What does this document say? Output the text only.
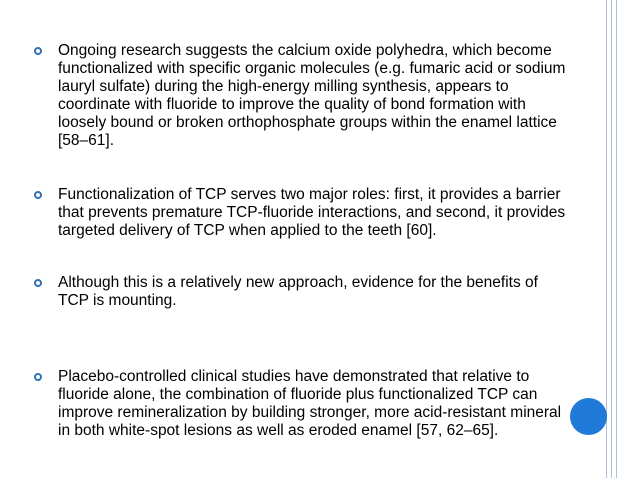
Ongoing research suggests the calcium oxide polyhedra, which become
functionalized with specific organic molecules (e.g. fumaric acid or sodium
lauryl sulfate) during the high-energy milling synthesis, appears to
coordinate with fluoride to improve the quality of bond formation with
loosely bound or broken orthophosphate groups within the enamel lattice
[58–61].
Functionalization of TCP serves two major roles: first, it provides a barrier
that prevents premature TCP-fluoride interactions, and second, it provides
targeted delivery of TCP when applied to the teeth [60].
Although this is a relatively new approach, evidence for the benefits of
TCP is mounting.
Placebo-controlled clinical studies have demonstrated that relative to
fluoride alone, the combination of fluoride plus functionalized TCP can
improve remineralization by building stronger, more acid-resistant mineral
in both white-spot lesions as well as eroded enamel [57, 62–65].
